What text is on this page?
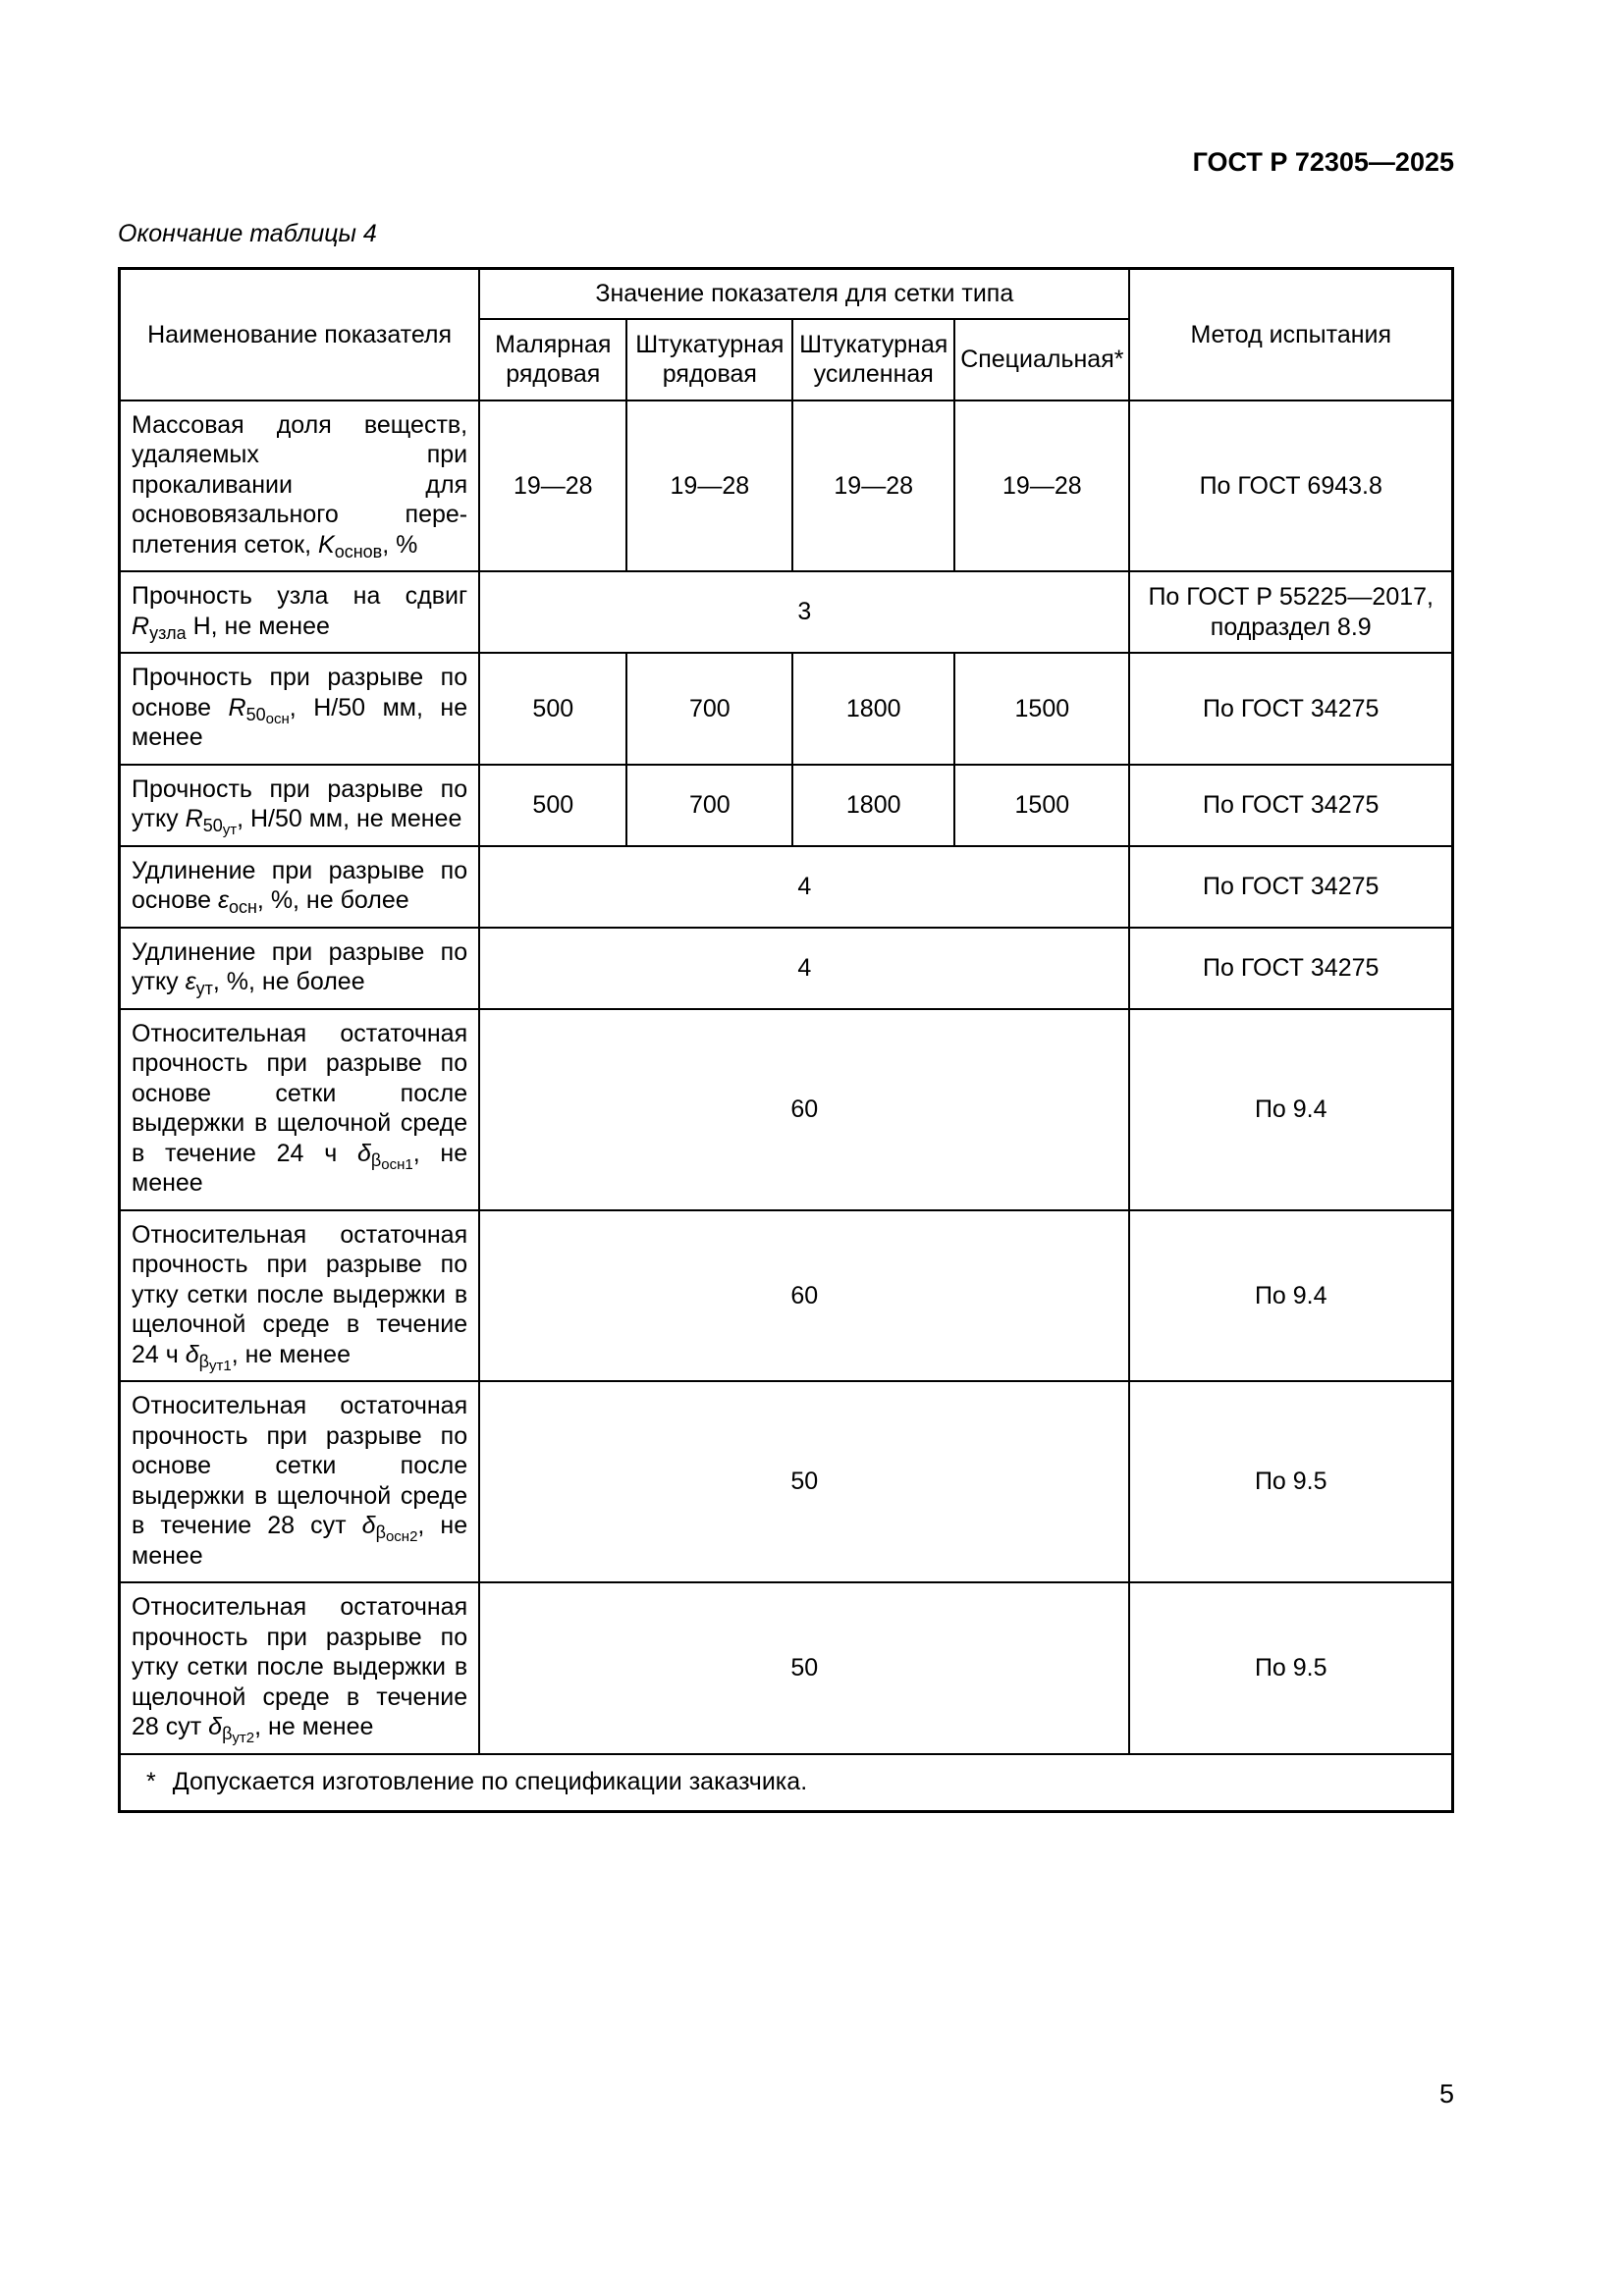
ГОСТ Р 72305—2025
Окончание таблицы 4
Наименование показателя	Значение показателя для сетки типа				Метод испытания
	Малярная рядовая	Штукатурная рядовая	Штукатурная усиленная	Специальная*	
Массовая доля веществ, удаляемых при прокаливании для основовязального переплетения сеток, $K_{основ}$, %	19—28	19—28	19—28	19—28	По ГОСТ 6943.8
Прочность узла на сдвиг $R_{узла}$ Н, не менее	3				По ГОСТ Р 55225—2017, подраздел 8.9
Прочность при разрыве по основе $R_{50осн}$, Н/50 мм, не менее	500	700	1800	1500	По ГОСТ 34275
Прочность при разрыве по утку $R_{50ут}$, Н/50 мм, не менее	500	700	1800	1500	По ГОСТ 34275
Удлинение при разрыве по основе $\varepsilon_{осн}$, %, не более	4				По ГОСТ 34275
Удлинение при разрыве по утку $\varepsilon_{ут}$, %, не более	4				По ГОСТ 34275
Относительная остаточная прочность при разрыве по основе сетки после выдержки в щелочной среде в течение 24 ч $\delta_{\beta осн1}$, не менее	60				По 9.4
Относительная остаточная прочность при разрыве по утку сетки после выдержки в щелочной среде в течение 24 ч $\delta_{\beta ут1}$, не менее	60				По 9.4
Относительная остаточная прочность при разрыве по основе сетки после выдержки в щелочной среде в течение 28 сут $\delta_{\beta осн2}$, не менее	50				По 9.5
Относительная остаточная прочность при разрыве по утку сетки после выдержки в щелочной среде в течение 28 сут $\delta_{\beta ут2}$, не менее	50				По 9.5
* Допускается изготовление по спецификации заказчика.					
5
